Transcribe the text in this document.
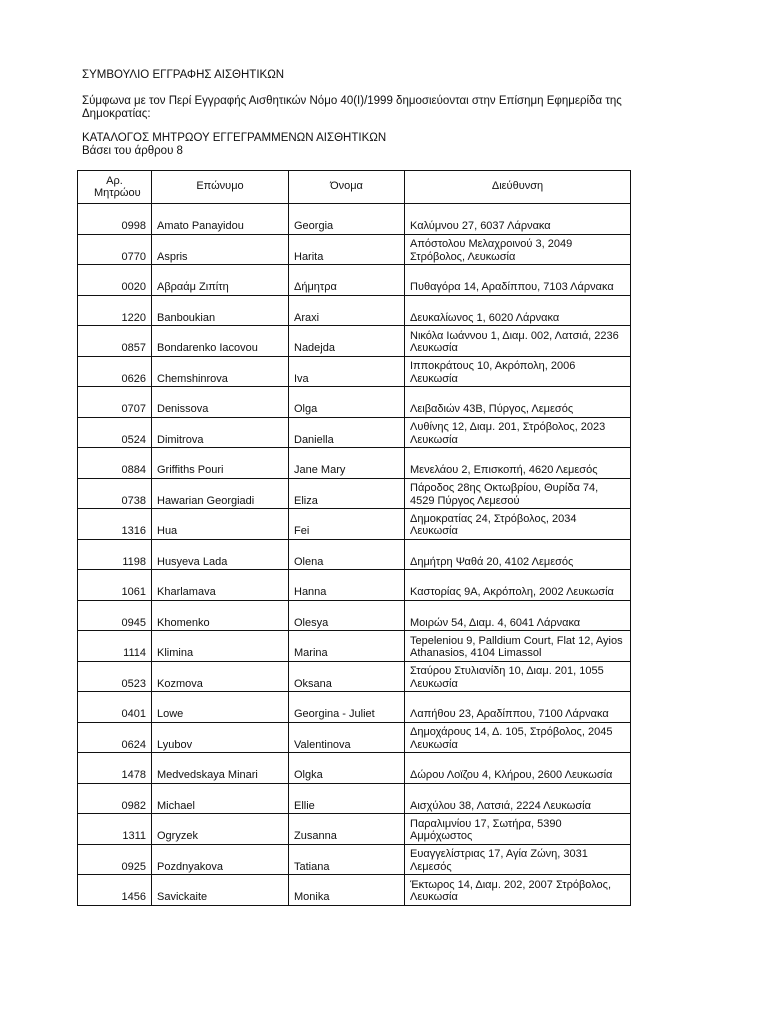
ΣΥΜΒΟΥΛΙΟ ΕΓΓΡΑΦΗΣ ΑΙΣΘΗΤΙΚΩΝ
Σύμφωνα με τον Περί Εγγραφής Αισθητικών Νόμο 40(Ι)/1999 δημοσιεύονται στην Επίσημη Εφημερίδα της Δημοκρατίας:
ΚΑΤΑΛΟΓΟΣ ΜΗΤΡΩΟΥ ΕΓΓΕΓΡΑΜΜΕΝΩΝ ΑΙΣΘΗΤΙΚΩΝ
Βάσει του άρθρου 8
Αρ. Μητρώου	Επώνυμο	Όνομα	Διεύθυνση
0998	Amato Panayidou	Georgia	Καλύμνου 27, 6037 Λάρνακα
0770	Aspris	Harita	Απόστολου Μελαχροινού 3, 2049 Στρόβολος, Λευκωσία
0020	Αβραάμ Ζιπίτη	Δήμητρα	Πυθαγόρα 14, Αραδίππου, 7103 Λάρνακα
1220	Banboukian	Araxi	Δευκαλίωνος 1, 6020 Λάρνακα
0857	Bondarenko Iacovou	Nadejda	Νικόλα Ιωάννου 1, Διαμ. 002, Λατσιά, 2236 Λευκωσία
0626	Chemshinrova	Iva	Ιπποκράτους 10, Ακρόπολη, 2006 Λευκωσία
0707	Denissova	Olga	Λειβαδιών 43Β, Πύργος, Λεμεσός
0524	Dimitrova	Daniella	Λυθίνης 12, Διαμ. 201, Στρόβολος, 2023 Λευκωσία
0884	Griffiths Pouri	Jane Mary	Μενελάου 2, Επισκοπή, 4620 Λεμεσός
0738	Hawarian Georgiadi	Eliza	Πάροδος 28ης Οκτωβρίου, Θυρίδα 74, 4529 Πύργος Λεμεσού
1316	Hua	Fei	Δημοκρατίας 24, Στρόβολος, 2034 Λευκωσία
1198	Husyeva Lada	Olena	Δημήτρη Ψαθά 20, 4102 Λεμεσός
1061	Kharlamava	Hanna	Καστορίας 9Α, Ακρόπολη, 2002 Λευκωσία
0945	Khomenko	Olesya	Μοιρών 54, Διαμ. 4, 6041 Λάρνακα
1114	Klimina	Marina	Tepeleniou 9, Palldium Court, Flat 12, Ayios Athanasios, 4104 Limassol
0523	Kozmova	Oksana	Σταύρου Στυλιανίδη 10, Διαμ. 201, 1055 Λευκωσία
0401	Lowe	Georgina - Juliet	Λαπήθου 23, Αραδίππου, 7100 Λάρνακα
0624	Lyubov	Valentinova	Δημοχάρους 14, Δ. 105, Στρόβολος, 2045 Λευκωσία
1478	Medvedskaya Minari	Olgka	Δώρου Λοϊζου 4, Κλήρου, 2600 Λευκωσία
0982	Michael	Ellie	Αισχύλου 38, Λατσιά, 2224 Λευκωσία
1311	Ogryzek	Zusanna	Παραλιμνίου 17, Σωτήρα, 5390 Αμμόχωστος
0925	Pozdnyakova	Tatiana	Ευαγγελίστριας 17, Αγία Ζώνη, 3031 Λεμεσός
1456	Savickaite	Monika	Έκτωρος 14, Διαμ. 202, 2007 Στρόβολος, Λευκωσία
